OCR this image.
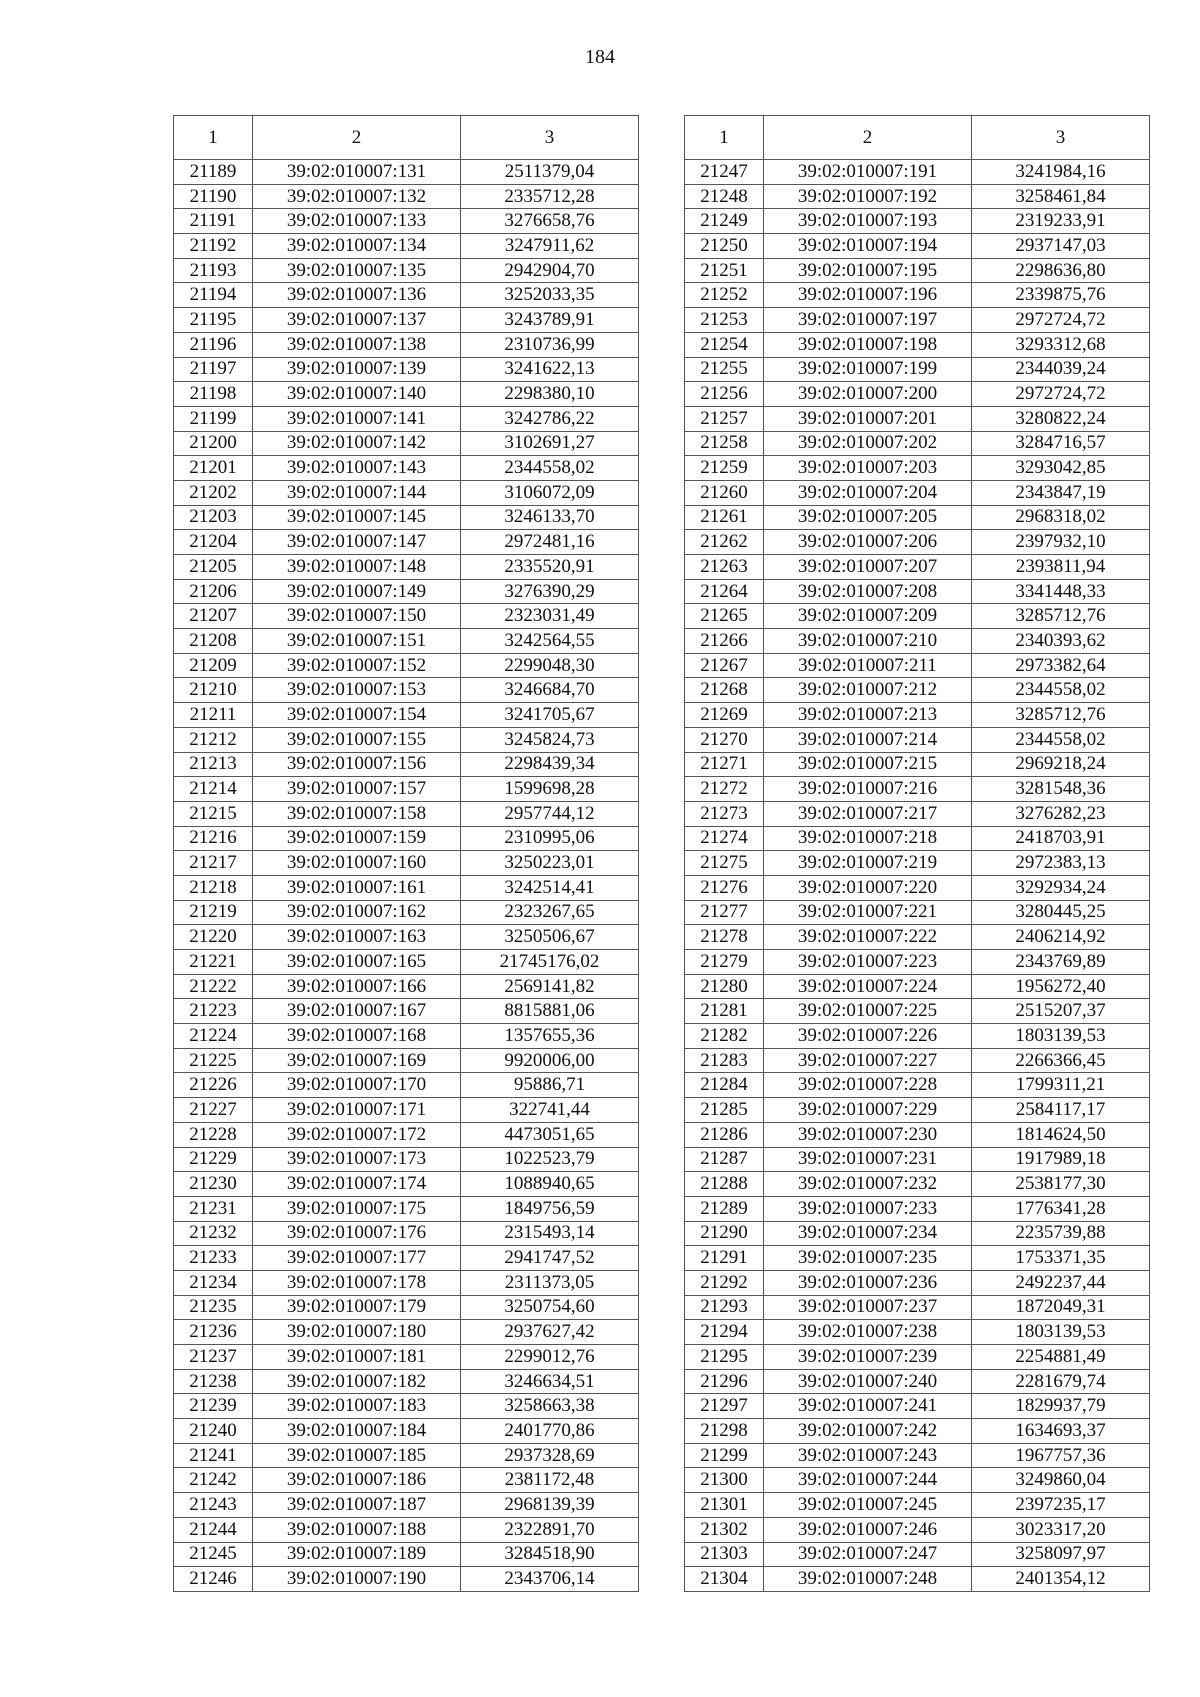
184
1	2	3
21189	39:02:010007:131	2511379,04
21190	39:02:010007:132	2335712,28
21191	39:02:010007:133	3276658,76
21192	39:02:010007:134	3247911,62
21193	39:02:010007:135	2942904,70
21194	39:02:010007:136	3252033,35
21195	39:02:010007:137	3243789,91
21196	39:02:010007:138	2310736,99
21197	39:02:010007:139	3241622,13
21198	39:02:010007:140	2298380,10
21199	39:02:010007:141	3242786,22
21200	39:02:010007:142	3102691,27
21201	39:02:010007:143	2344558,02
21202	39:02:010007:144	3106072,09
21203	39:02:010007:145	3246133,70
21204	39:02:010007:147	2972481,16
21205	39:02:010007:148	2335520,91
21206	39:02:010007:149	3276390,29
21207	39:02:010007:150	2323031,49
21208	39:02:010007:151	3242564,55
21209	39:02:010007:152	2299048,30
21210	39:02:010007:153	3246684,70
21211	39:02:010007:154	3241705,67
21212	39:02:010007:155	3245824,73
21213	39:02:010007:156	2298439,34
21214	39:02:010007:157	1599698,28
21215	39:02:010007:158	2957744,12
21216	39:02:010007:159	2310995,06
21217	39:02:010007:160	3250223,01
21218	39:02:010007:161	3242514,41
21219	39:02:010007:162	2323267,65
21220	39:02:010007:163	3250506,67
21221	39:02:010007:165	21745176,02
21222	39:02:010007:166	2569141,82
21223	39:02:010007:167	8815881,06
21224	39:02:010007:168	1357655,36
21225	39:02:010007:169	9920006,00
21226	39:02:010007:170	95886,71
21227	39:02:010007:171	322741,44
21228	39:02:010007:172	4473051,65
21229	39:02:010007:173	1022523,79
21230	39:02:010007:174	1088940,65
21231	39:02:010007:175	1849756,59
21232	39:02:010007:176	2315493,14
21233	39:02:010007:177	2941747,52
21234	39:02:010007:178	2311373,05
21235	39:02:010007:179	3250754,60
21236	39:02:010007:180	2937627,42
21237	39:02:010007:181	2299012,76
21238	39:02:010007:182	3246634,51
21239	39:02:010007:183	3258663,38
21240	39:02:010007:184	2401770,86
21241	39:02:010007:185	2937328,69
21242	39:02:010007:186	2381172,48
21243	39:02:010007:187	2968139,39
21244	39:02:010007:188	2322891,70
21245	39:02:010007:189	3284518,90
21246	39:02:010007:190	2343706,14
1	2	3
21247	39:02:010007:191	3241984,16
21248	39:02:010007:192	3258461,84
21249	39:02:010007:193	2319233,91
21250	39:02:010007:194	2937147,03
21251	39:02:010007:195	2298636,80
21252	39:02:010007:196	2339875,76
21253	39:02:010007:197	2972724,72
21254	39:02:010007:198	3293312,68
21255	39:02:010007:199	2344039,24
21256	39:02:010007:200	2972724,72
21257	39:02:010007:201	3280822,24
21258	39:02:010007:202	3284716,57
21259	39:02:010007:203	3293042,85
21260	39:02:010007:204	2343847,19
21261	39:02:010007:205	2968318,02
21262	39:02:010007:206	2397932,10
21263	39:02:010007:207	2393811,94
21264	39:02:010007:208	3341448,33
21265	39:02:010007:209	3285712,76
21266	39:02:010007:210	2340393,62
21267	39:02:010007:211	2973382,64
21268	39:02:010007:212	2344558,02
21269	39:02:010007:213	3285712,76
21270	39:02:010007:214	2344558,02
21271	39:02:010007:215	2969218,24
21272	39:02:010007:216	3281548,36
21273	39:02:010007:217	3276282,23
21274	39:02:010007:218	2418703,91
21275	39:02:010007:219	2972383,13
21276	39:02:010007:220	3292934,24
21277	39:02:010007:221	3280445,25
21278	39:02:010007:222	2406214,92
21279	39:02:010007:223	2343769,89
21280	39:02:010007:224	1956272,40
21281	39:02:010007:225	2515207,37
21282	39:02:010007:226	1803139,53
21283	39:02:010007:227	2266366,45
21284	39:02:010007:228	1799311,21
21285	39:02:010007:229	2584117,17
21286	39:02:010007:230	1814624,50
21287	39:02:010007:231	1917989,18
21288	39:02:010007:232	2538177,30
21289	39:02:010007:233	1776341,28
21290	39:02:010007:234	2235739,88
21291	39:02:010007:235	1753371,35
21292	39:02:010007:236	2492237,44
21293	39:02:010007:237	1872049,31
21294	39:02:010007:238	1803139,53
21295	39:02:010007:239	2254881,49
21296	39:02:010007:240	2281679,74
21297	39:02:010007:241	1829937,79
21298	39:02:010007:242	1634693,37
21299	39:02:010007:243	1967757,36
21300	39:02:010007:244	3249860,04
21301	39:02:010007:245	2397235,17
21302	39:02:010007:246	3023317,20
21303	39:02:010007:247	3258097,97
21304	39:02:010007:248	2401354,12
